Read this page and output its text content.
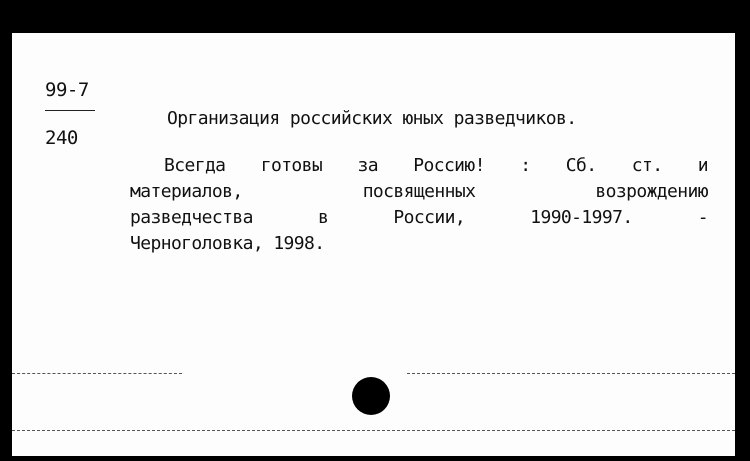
99-7
240
Организация российских юных разведчиков.
Всегда готовы за Россию! : Сб. ст. и
материалов, посвященных возрождению
разведчества в России, 1990-1997. -
Черноголовка, 1998.
